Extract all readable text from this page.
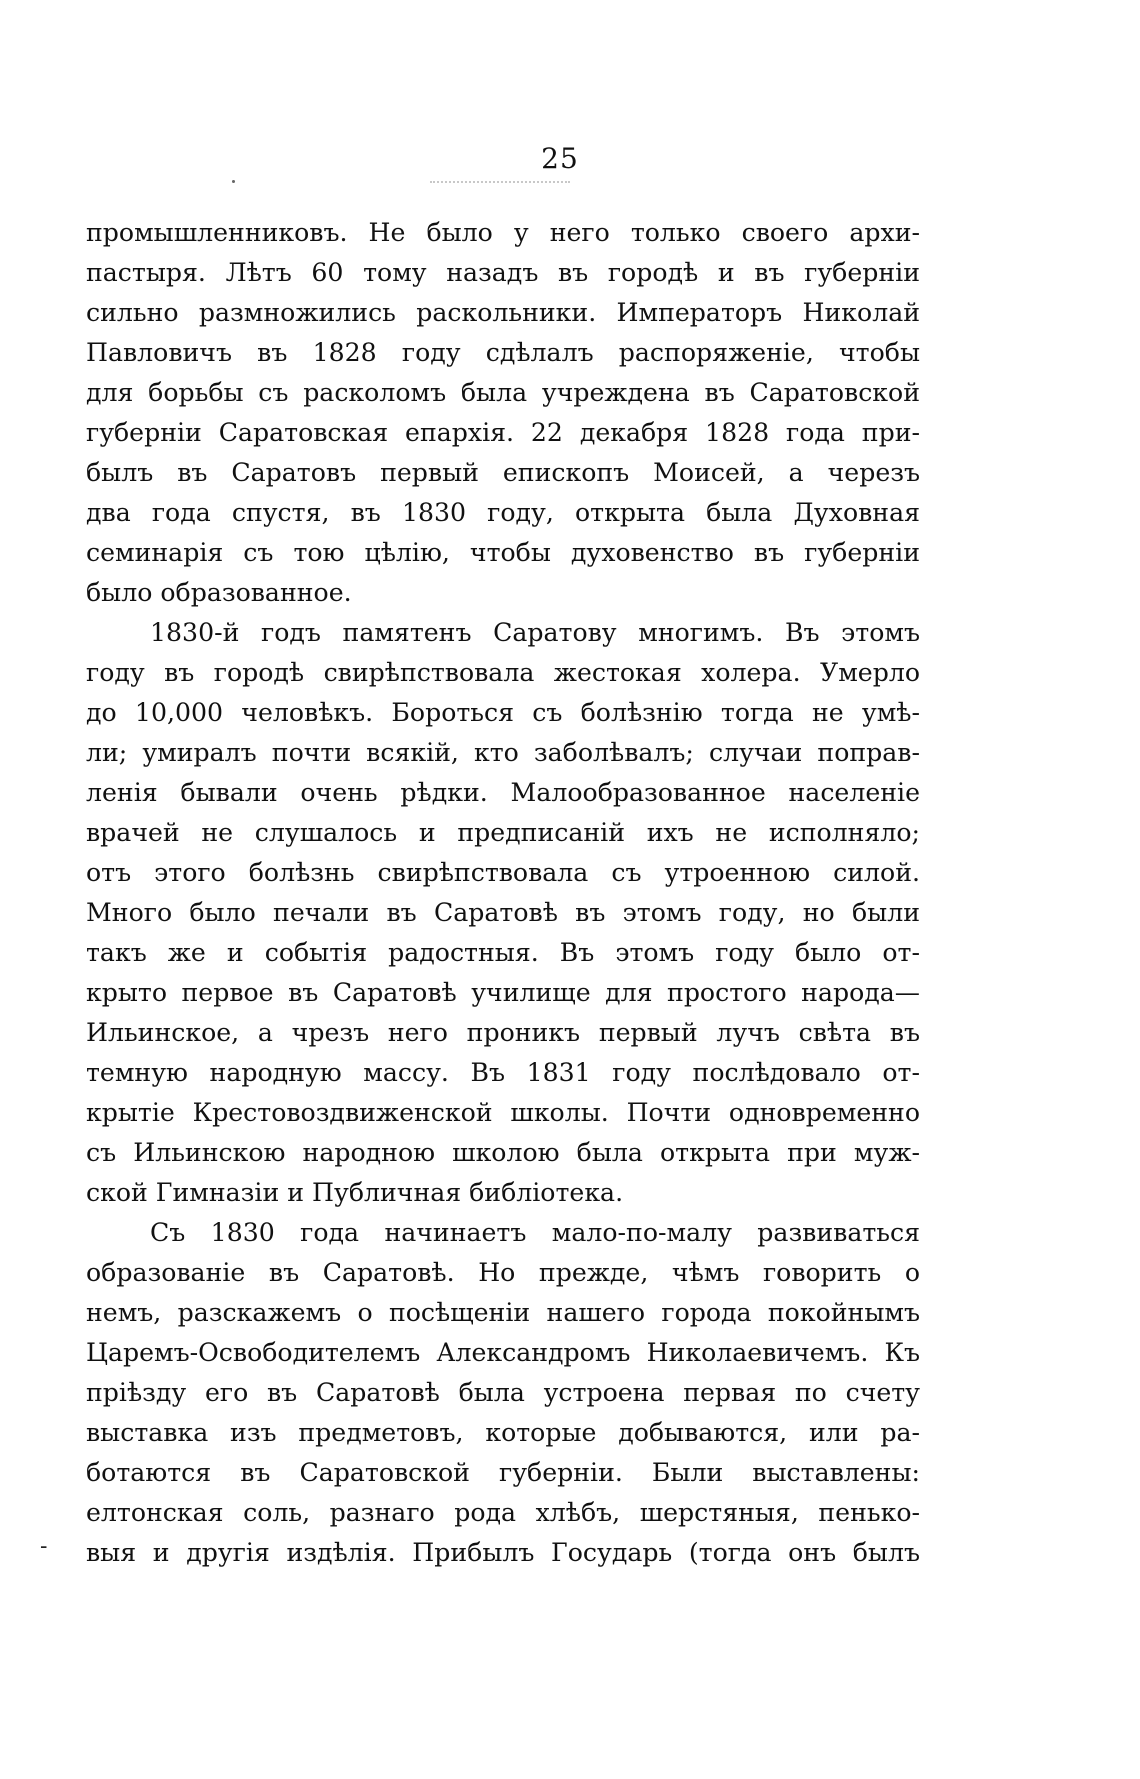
25
промышленниковъ. Не было у него только своего архи-
пастыря. Лѣтъ 60 тому назадъ въ городѣ и въ губерніи
сильно размножились раскольники. Императоръ Николай
Павловичъ въ 1828 году сдѣлалъ распоряженіе, чтобы
для борьбы съ расколомъ была учреждена въ Саратовской
губерніи Саратовская епархія. 22 декабря 1828 года при-
былъ въ Саратовъ первый епископъ Моисей, а черезъ
два года спустя, въ 1830 году, открыта была Духовная
семинарія съ тою цѣлію, чтобы духовенство въ губерніи
было образованное.
1830-й годъ памятенъ Саратову многимъ. Въ этомъ
году въ городѣ свирѣпствовала жестокая холера. Умерло
до 10,000 человѣкъ. Бороться съ болѣзнію тогда не умѣ-
ли; умиралъ почти всякій, кто заболѣвалъ; случаи поправ-
ленія бывали очень рѣдки. Малообразованное населеніе
врачей не слушалось и предписаній ихъ не исполняло;
отъ этого болѣзнь свирѣпствовала съ утроенною силой.
Много было печали въ Саратовѣ въ этомъ году, но были
такъ же и событія радостныя. Въ этомъ году было от-
крыто первое въ Саратовѣ училище для простого народа—
Ильинское, а чрезъ него проникъ первый лучъ свѣта въ
темную народную массу. Въ 1831 году послѣдовало от-
крытіе Крестовоздвиженской школы. Почти одновременно
съ Ильинскою народною школою была открыта при муж-
ской Гимназіи и Публичная библіотека.
Съ 1830 года начинаетъ мало-по-малу развиваться
образованіе въ Саратовѣ. Но прежде, чѣмъ говорить о
немъ, разскажемъ о посѣщеніи нашего города покойнымъ
Царемъ-Освободителемъ Александромъ Николаевичемъ. Къ
пріѣзду его въ Саратовѣ была устроена первая по счету
выставка изъ предметовъ, которые добываются, или ра-
ботаются въ Саратовской губерніи. Были выставлены:
елтонская соль, разнаго рода хлѣбъ, шерстяныя, пенько-
выя и другія издѣлія. Прибылъ Государь (тогда онъ былъ
-
